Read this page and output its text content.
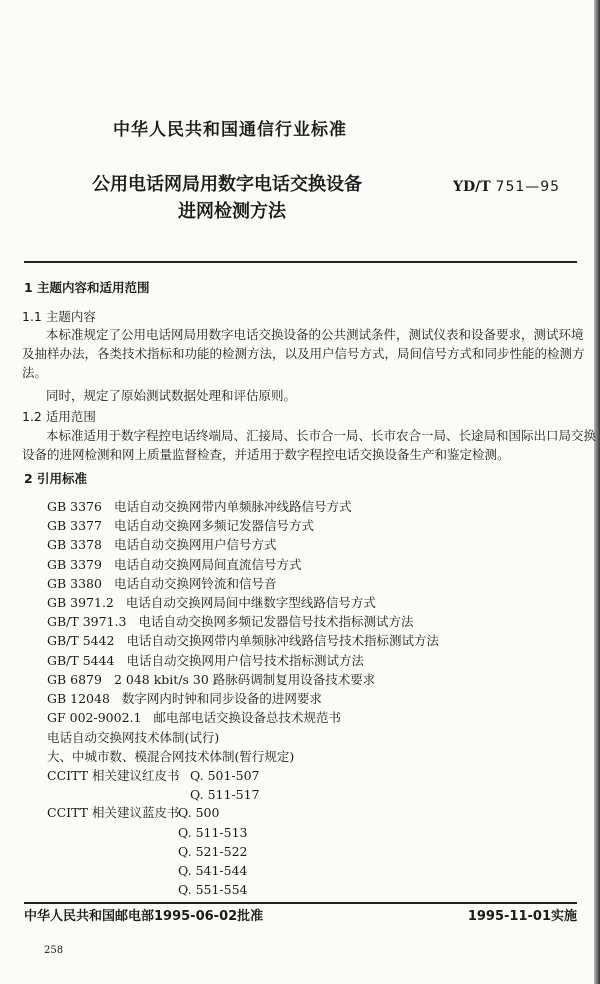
中华人民共和国通信行业标准
公用电话网局用数字电话交换设备
进网检测方法
YD/T 751—95
1 主题内容和适用范围
1.1 主题内容
本标准规定了公用电话网局用数字电话交换设备的公共测试条件，测试仪表和设备要求，测试环境
及抽样办法，各类技术指标和功能的检测方法，以及用户信号方式，局间信号方式和同步性能的检测方
法。
同时，规定了原始测试数据处理和评估原则。
1.2 适用范围
本标准适用于数字程控电话终端局、汇接局、长市合一局、长市农合一局、长途局和国际出口局交换
设备的进网检测和网上质量监督检查，并适用于数字程控电话交换设备生产和鉴定检测。
2 引用标准
GB 3376 电话自动交换网带内单频脉冲线路信号方式
GB 3377 电话自动交换网多频记发器信号方式
GB 3378 电话自动交换网用户信号方式
GB 3379 电话自动交换网局间直流信号方式
GB 3380 电话自动交换网铃流和信号音
GB 3971.2 电话自动交换网局间中继数字型线路信号方式
GB/T 3971.3 电话自动交换网多频记发器信号技术指标测试方法
GB/T 5442 电话自动交换网带内单频脉冲线路信号技术指标测试方法
GB/T 5444 电话自动交换网用户信号技术指标测试方法
GB 6879 2 048 kbit/s 30 路脉码调制复用设备技术要求
GB 12048 数字网内时钟和同步设备的进网要求
GF 002-9002.1 邮电部电话交换设备总技术规范书
电话自动交换网技术体制(试行)
大、中城市数、模混合网技术体制(暂行规定)
CCITT 相关建议红皮书 Q. 501-507
Q. 511-517
CCITT 相关建议蓝皮书
Q. 500
Q. 511-513
Q. 521-522
Q. 541-544
Q. 551-554
中华人民共和国邮电部1995-06-02批准	1995-11-01实施
258
